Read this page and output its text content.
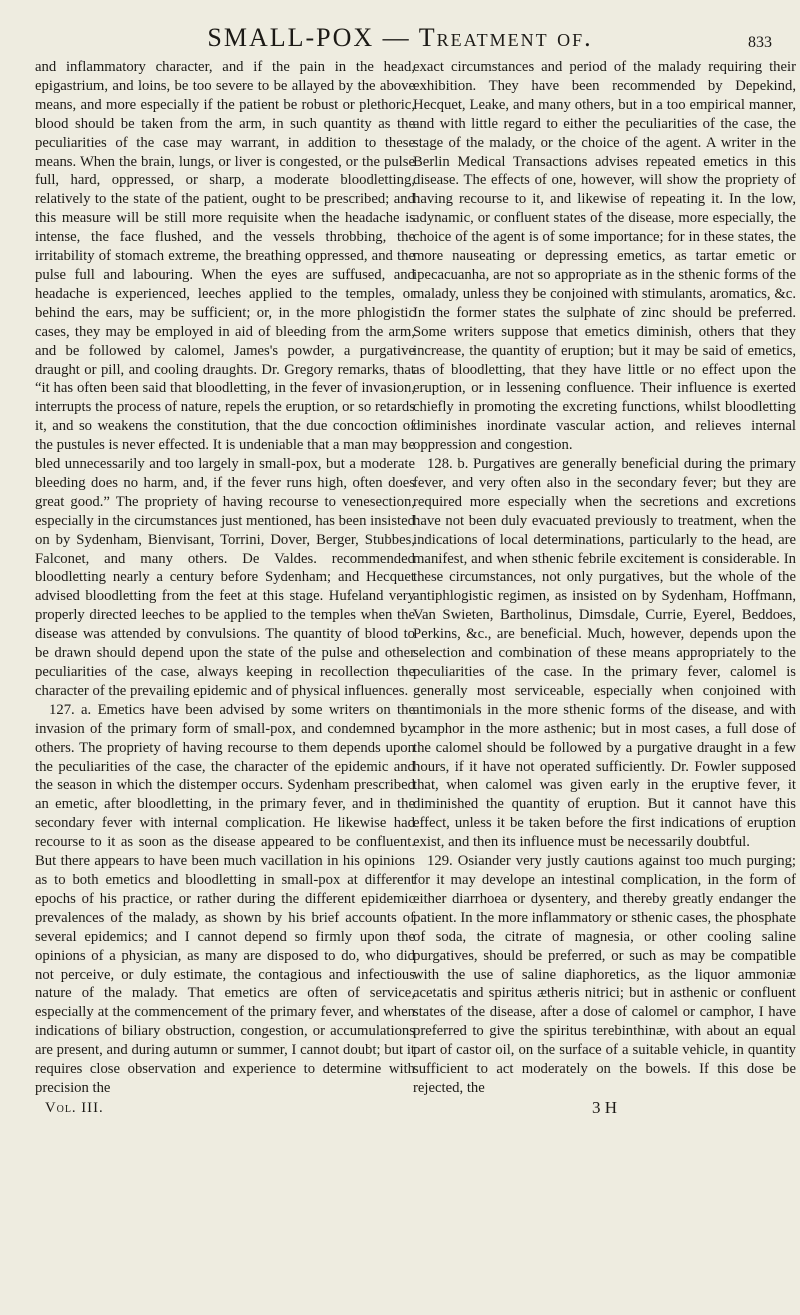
SMALL-POX — Treatment of.	833

and inflammatory character, and if the pain in the head, epigastrium, and loins, be too severe to be allayed by the above means, and more especially if the patient be robust or plethoric, blood should be taken from the arm, in such quantity as the peculiarities of the case may warrant, in addition to these means. When the brain, lungs, or liver is congested, or the pulse full, hard, oppressed, or sharp, a moderate bloodletting, relatively to the state of the patient, ought to be prescribed; and this measure will be still more requisite when the headache is intense, the face flushed, and the vessels throbbing, the irritability of stomach extreme, the breathing oppressed, and the pulse full and labouring. When the eyes are suffused, and headache is experienced, leeches applied to the temples, or behind the ears, may be sufficient; or, in the more phlogistic cases, they may be employed in aid of bleeding from the arm, and be followed by calomel, James's powder, a purgative draught or pill, and cooling draughts. Dr. Gregory remarks, that “it has often been said that bloodletting, in the fever of invasion, interrupts the process of nature, repels the eruption, or so retards it, and so weakens the constitution, that the due concoction of the pustules is never effected. It is undeniable that a man may be bled unnecessarily and too largely in small-pox, but a moderate bleeding does no harm, and, if the fever runs high, often does great good.” The propriety of having recourse to venesection, especially in the circumstances just mentioned, has been insisted on by Sydenham, Bienvisant, Torrini, Dover, Berger, Stubbes, Falconet, and many others. De Valdes. recommended bloodletting nearly a century before Sydenham; and Hecquet advised bloodletting from the feet at this stage. Hufeland very properly directed leeches to be applied to the temples when the disease was attended by convulsions. The quantity of blood to be drawn should depend upon the state of the pulse and other peculiarities of the case, always keeping in recollection the character of the prevailing epidemic and of physical influences.

127. a. Emetics have been advised by some writers on the invasion of the primary form of small-pox, and condemned by others. The propriety of having recourse to them depends upon the peculiarities of the case, the character of the epidemic and the season in which the distemper occurs. Sydenham prescribed an emetic, after bloodletting, in the primary fever, and in the secondary fever with internal complication. He likewise had recourse to it as soon as the disease appeared to be confluent. But there appears to have been much vacillation in his opinions as to both emetics and bloodletting in small-pox at different epochs of his practice, or rather during the different epidemic prevalences of the malady, as shown by his brief accounts of several epidemics; and I cannot depend so firmly upon the opinions of a physician, as many are disposed to do, who did not perceive, or duly estimate, the contagious and infectious nature of the malady. That emetics are often of service, especially at the commencement of the primary fever, and when indications of biliary obstruction, congestion, or accumulations are present, and during autumn or summer, I cannot doubt; but it requires close observation and experience to determine with precision the

Vol. III.

exact circumstances and period of the malady requiring their exhibition. They have been recommended by Depekind, Hecquet, Leake, and many others, but in a too empirical manner, and with little regard to either the peculiarities of the case, the stage of the malady, or the choice of the agent. A writer in the Berlin Medical Transactions advises repeated emetics in this disease. The effects of one, however, will show the propriety of having recourse to it, and likewise of repeating it. In the low, adynamic, or confluent states of the disease, more especially, the choice of the agent is of some importance; for in these states, the more nauseating or depressing emetics, as tartar emetic or ipecacuanha, are not so appropriate as in the sthenic forms of the malady, unless they be conjoined with stimulants, aromatics, &c. In the former states the sulphate of zinc should be preferred. Some writers suppose that emetics diminish, others that they increase, the quantity of eruption; but it may be said of emetics, as of bloodletting, that they have little or no effect upon the eruption, or in lessening confluence. Their influence is exerted chiefly in promoting the excreting functions, whilst bloodletting diminishes inordinate vascular action, and relieves internal oppression and congestion.

128. b. Purgatives are generally beneficial during the primary fever, and very often also in the secondary fever; but they are required more especially when the secretions and excretions have not been duly evacuated previously to treatment, when the indications of local determinations, particularly to the head, are manifest, and when sthenic febrile excitement is considerable. In these circumstances, not only purgatives, but the whole of the antiphlogistic regimen, as insisted on by Sydenham, Hoffmann, Van Swieten, Bartholinus, Dimsdale, Currie, Eyerel, Beddoes, Perkins, &c., are beneficial. Much, however, depends upon the selection and combination of these means appropriately to the peculiarities of the case. In the primary fever, calomel is generally most serviceable, especially when conjoined with antimonials in the more sthenic forms of the disease, and with camphor in the more asthenic; but in most cases, a full dose of the calomel should be followed by a purgative draught in a few hours, if it have not operated sufficiently. Dr. Fowler supposed that, when calomel was given early in the eruptive fever, it diminished the quantity of eruption. But it cannot have this effect, unless it be taken before the first indications of eruption exist, and then its influence must be necessarily doubtful.

129. Osiander very justly cautions against too much purging; for it may develope an intestinal complication, in the form of either diarrhoea or dysentery, and thereby greatly endanger the patient. In the more inflammatory or sthenic cases, the phosphate of soda, the citrate of magnesia, or other cooling saline purgatives, should be preferred, or such as may be compatible with the use of saline diaphoretics, as the liquor ammoniæ acetatis and spiritus ætheris nitrici; but in asthenic or confluent states of the disease, after a dose of calomel or camphor, I have preferred to give the spiritus terebinthinæ, with about an equal part of castor oil, on the surface of a suitable vehicle, in quantity sufficient to act moderately on the bowels. If this dose be rejected, the

3 H
